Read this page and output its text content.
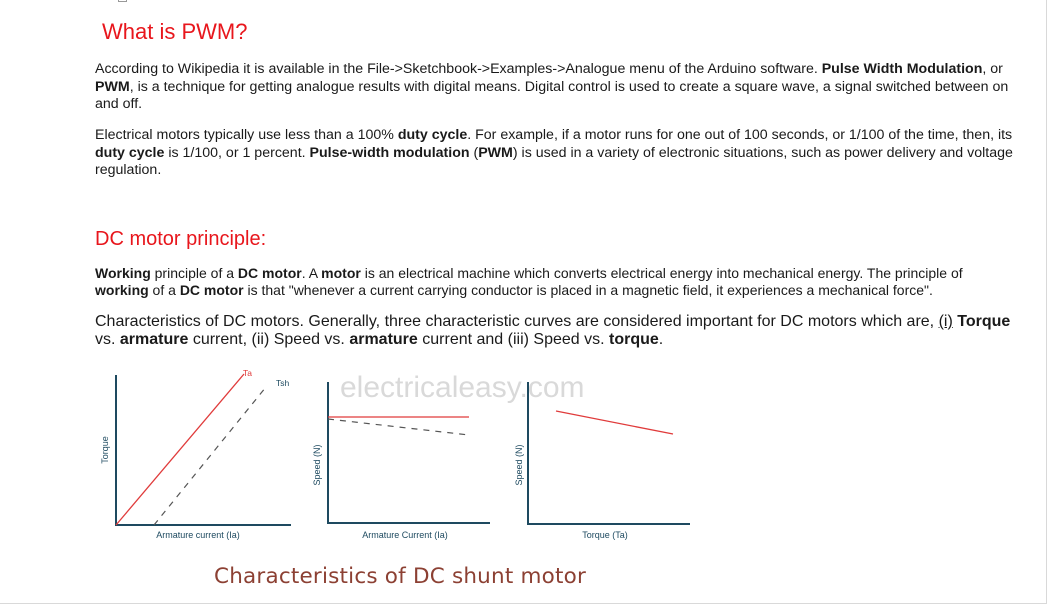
What is PWM?

According to Wikipedia it is available in the File->Sketchbook->Examples->Analogue menu of the Arduino software. Pulse Width Modulation, or PWM, is a technique for getting analogue results with digital means. Digital control is used to create a square wave, a signal switched between on and off.

Electrical motors typically use less than a 100% duty cycle. For example, if a motor runs for one out of 100 seconds, or 1/100 of the time, then, its duty cycle is 1/100, or 1 percent. Pulse-width modulation (PWM) is used in a variety of electronic situations, such as power delivery and voltage regulation.

DC motor principle:

Working principle of a DC motor. A motor is an electrical machine which converts electrical energy into mechanical energy. The principle of working of a DC motor is that "whenever a current carrying conductor is placed in a magnetic field, it experiences a mechanical force".

Characteristics of DC motors. Generally, three characteristic curves are considered important for DC motors which are, (i) Torque vs. armature current, (ii) Speed vs. armature current and (iii) Speed vs. torque.

electricaleasy.com
Ta
Tsh
Torque
Armature current (Ia)
Speed (N)
Armature Current (Ia)
Speed (N)
Torque (Ta)

Characteristics of DC shunt motor
